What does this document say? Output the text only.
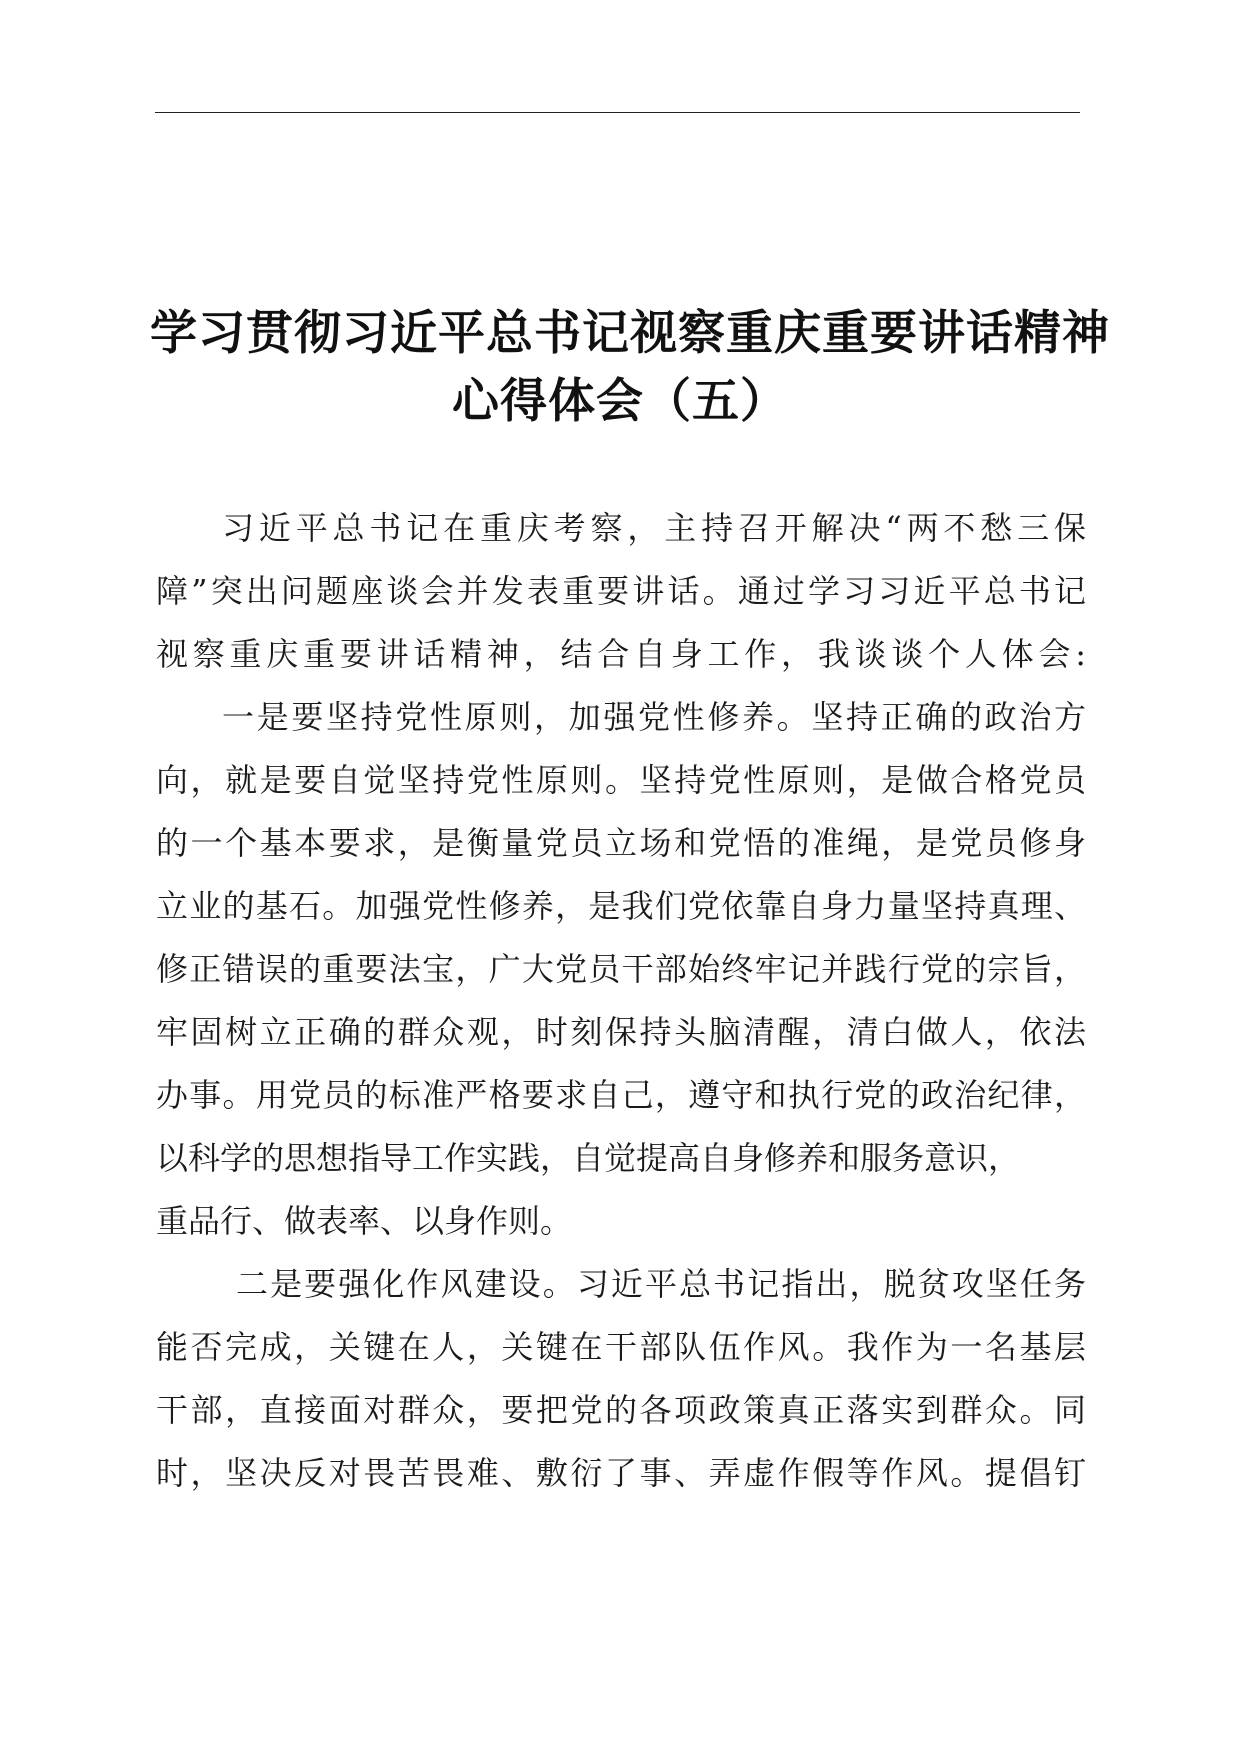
学习贯彻习近平总书记视察重庆重要讲话精神
心得体会（五）
习近平总书记在重庆考察，主持召开解决“两不愁三保
障”突出问题座谈会并发表重要讲话。通过学习习近平总书记
视察重庆重要讲话精神，结合自身工作，我谈谈个人体会:
一是要坚持党性原则，加强党性修养。坚持正确的政治方
向，就是要自觉坚持党性原则。坚持党性原则，是做合格党员
的一个基本要求，是衡量党员立场和党悟的准绳，是党员修身
立业的基石。加强党性修养，是我们党依靠自身力量坚持真理、
修正错误的重要法宝，广大党员干部始终牢记并践行党的宗旨，
牢固树立正确的群众观，时刻保持头脑清醒，清白做人，依法
办事。用党员的标准严格要求自己，遵守和执行党的政治纪律，
以科学的思想指导工作实践，自觉提高自身修养和服务意识，
重品行、做表率、以身作则。
二是要强化作风建设。习近平总书记指出，脱贫攻坚任务
能否完成，关键在人，关键在干部队伍作风。我作为一名基层
干部，直接面对群众，要把党的各项政策真正落实到群众。同
时，坚决反对畏苦畏难、敷衍了事、弄虚作假等作风。提倡钉
